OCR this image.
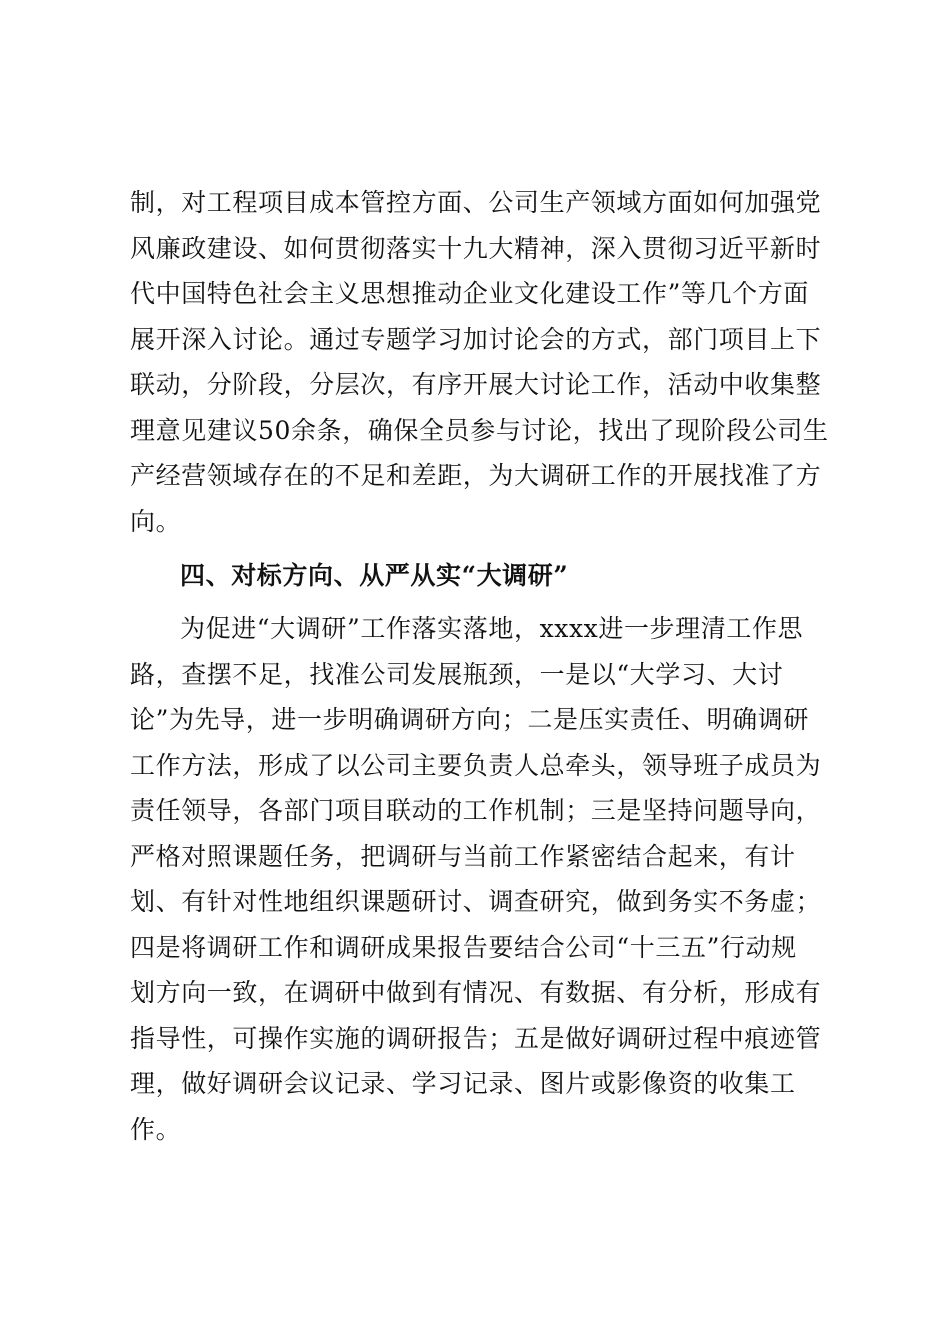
制，对工程项目成本管控方面、公司生产领域方面如何加强党
风廉政建设、如何贯彻落实十九大精神，深入贯彻习近平新时
代中国特色社会主义思想推动企业文化建设工作”等几个方面
展开深入讨论。通过专题学习加讨论会的方式，部门项目上下
联动，分阶段，分层次，有序开展大讨论工作，活动中收集整
理意见建议50余条，确保全员参与讨论，找出了现阶段公司生
产经营领域存在的不足和差距，为大调研工作的开展找准了方
向。
四、对标方向、从严从实“大调研”
为促进“大调研”工作落实落地，xxxx进一步理清工作思
路，查摆不足，找准公司发展瓶颈，一是以“大学习、大讨
论”为先导，进一步明确调研方向；二是压实责任、明确调研
工作方法，形成了以公司主要负责人总牵头，领导班子成员为
责任领导，各部门项目联动的工作机制；三是坚持问题导向，
严格对照课题任务，把调研与当前工作紧密结合起来，有计
划、有针对性地组织课题研讨、调查研究，做到务实不务虚；
四是将调研工作和调研成果报告要结合公司“十三五”行动规
划方向一致，在调研中做到有情况、有数据、有分析，形成有
指导性，可操作实施的调研报告；五是做好调研过程中痕迹管
理，做好调研会议记录、学习记录、图片或影像资的收集工
作。
